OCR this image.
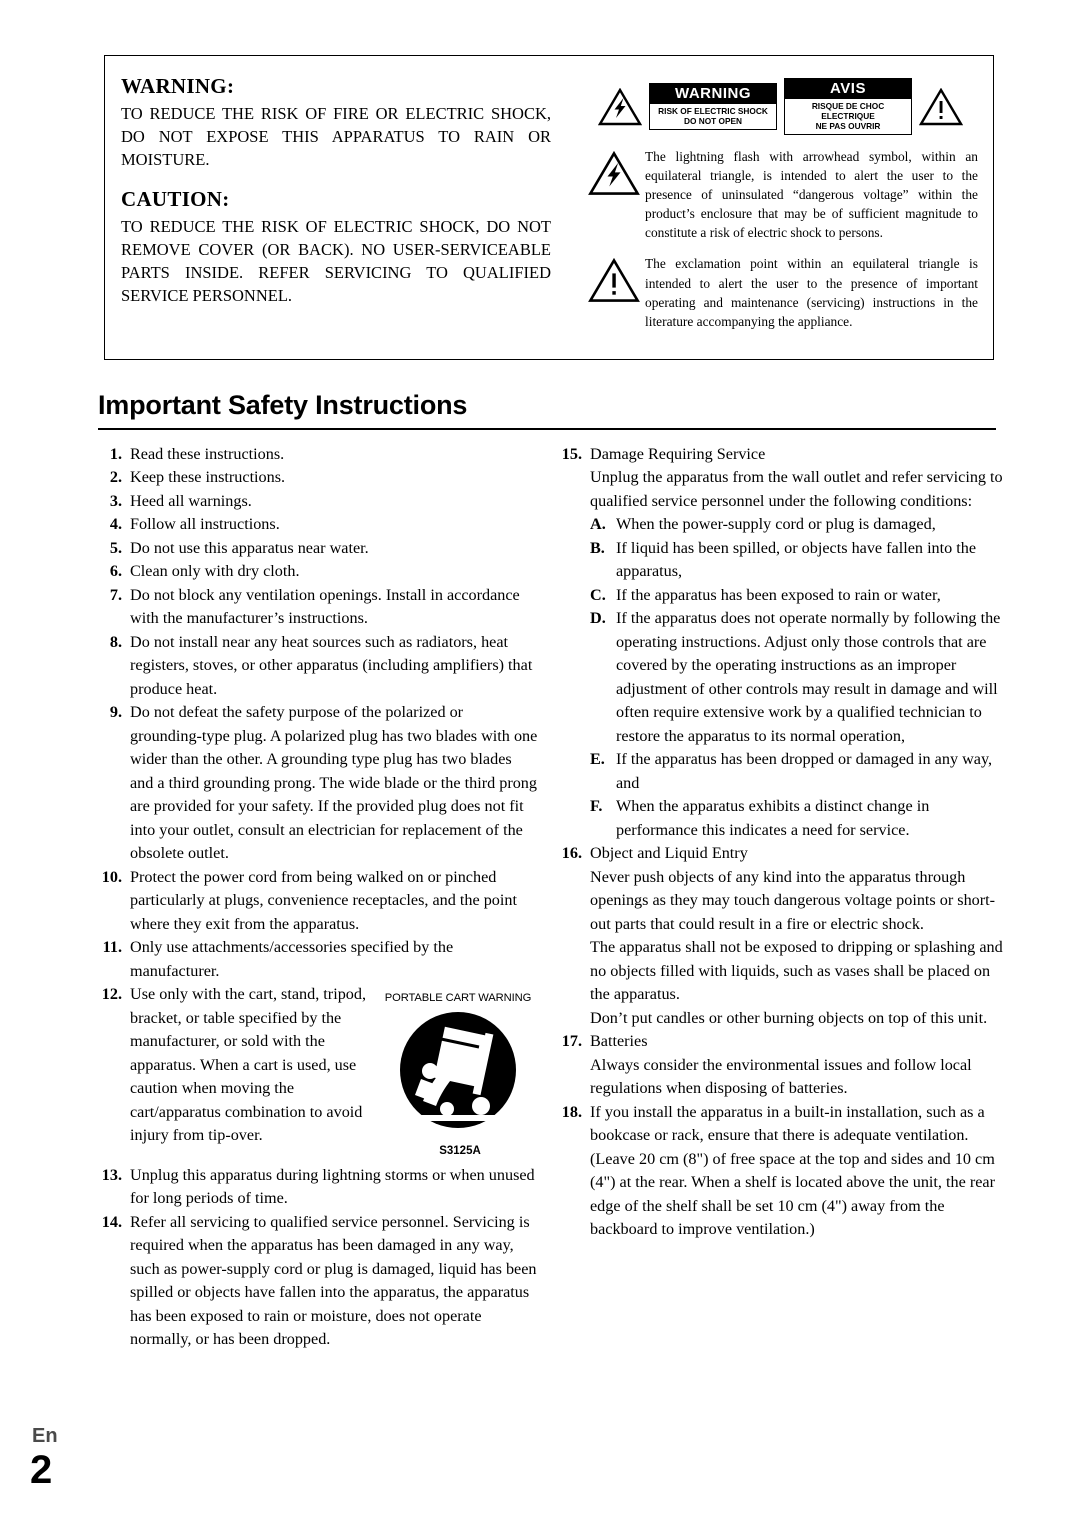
WARNING:
TO REDUCE THE RISK OF FIRE OR ELECTRIC SHOCK, DO NOT EXPOSE THIS APPARATUS TO RAIN OR MOISTURE.
CAUTION:
TO REDUCE THE RISK OF ELECTRIC SHOCK, DO NOT REMOVE COVER (OR BACK). NO USER-SERVICEABLE PARTS INSIDE. REFER SERVICING TO QUALIFIED SERVICE PERSONNEL.
WARNING
RISK OF ELECTRIC SHOCK
DO NOT OPEN
AVIS
RISQUE DE CHOC ELECTRIQUE
NE PAS OUVRIR
The lightning flash with arrowhead symbol, within an equilateral triangle, is intended to alert the user to the presence of uninsulated “dangerous voltage” within the product’s enclosure that may be of sufficient magnitude to constitute a risk of electric shock to persons.
The exclamation point within an equilateral triangle is intended to alert the user to the presence of important operating and maintenance (servicing) instructions in the literature accompanying the appliance.
Important Safety Instructions
1. Read these instructions.
2. Keep these instructions.
3. Heed all warnings.
4. Follow all instructions.
5. Do not use this apparatus near water.
6. Clean only with dry cloth.
7. Do not block any ventilation openings. Install in accordance with the manufacturer’s instructions.
8. Do not install near any heat sources such as radiators, heat registers, stoves, or other apparatus (including amplifiers) that produce heat.
9. Do not defeat the safety purpose of the polarized or grounding-type plug. A polarized plug has two blades with one wider than the other. A grounding type plug has two blades and a third grounding prong. The wide blade or the third prong are provided for your safety. If the provided plug does not fit into your outlet, consult an electrician for replacement of the obsolete outlet.
10. Protect the power cord from being walked on or pinched particularly at plugs, convenience receptacles, and the point where they exit from the apparatus.
11. Only use attachments/accessories specified by the manufacturer.
12.	PORTABLE CART WARNINGS3125A
Use only with the cart, stand, tripod, bracket, or table specified by the manufacturer, or sold with the apparatus. When a cart is used, use caution when moving the cart/apparatus combination to avoid injury from tip-over.
13. Unplug this apparatus during lightning storms or when unused for long periods of time.
14. Refer all servicing to qualified service personnel. Servicing is required when the apparatus has been damaged in any way, such as power-supply cord or plug is damaged, liquid has been spilled or objects have fallen into the apparatus, the apparatus has been exposed to rain or moisture, does not operate normally, or has been dropped.
15. Damage Requiring Service
Unplug the apparatus from the wall outlet and refer servicing to qualified service personnel under the following conditions:
A. When the power-supply cord or plug is damaged,
B. If liquid has been spilled, or objects have fallen into the apparatus,
C. If the apparatus has been exposed to rain or water,
D. If the apparatus does not operate normally by following the operating instructions. Adjust only those controls that are covered by the operating instructions as an improper adjustment of other controls may result in damage and will often require extensive work by a qualified technician to restore the apparatus to its normal operation,
E. If the apparatus has been dropped or damaged in any way, and
F. When the apparatus exhibits a distinct change in performance this indicates a need for service.
16. Object and Liquid Entry
Never push objects of any kind into the apparatus through openings as they may touch dangerous voltage points or short-out parts that could result in a fire or electric shock.
The apparatus shall not be exposed to dripping or splashing and no objects filled with liquids, such as vases shall be placed on the apparatus.
Don’t put candles or other burning objects on top of this unit.
17. Batteries
Always consider the environmental issues and follow local regulations when disposing of batteries.
18. If you install the apparatus in a built-in installation, such as a bookcase or rack, ensure that there is adequate ventilation.
(Leave 20 cm (8") of free space at the top and sides and 10 cm (4") at the rear. When a shelf is located above the unit, the rear edge of the shelf shall be set 10 cm (4") away from the backboard to improve ventilation.)
En
2
